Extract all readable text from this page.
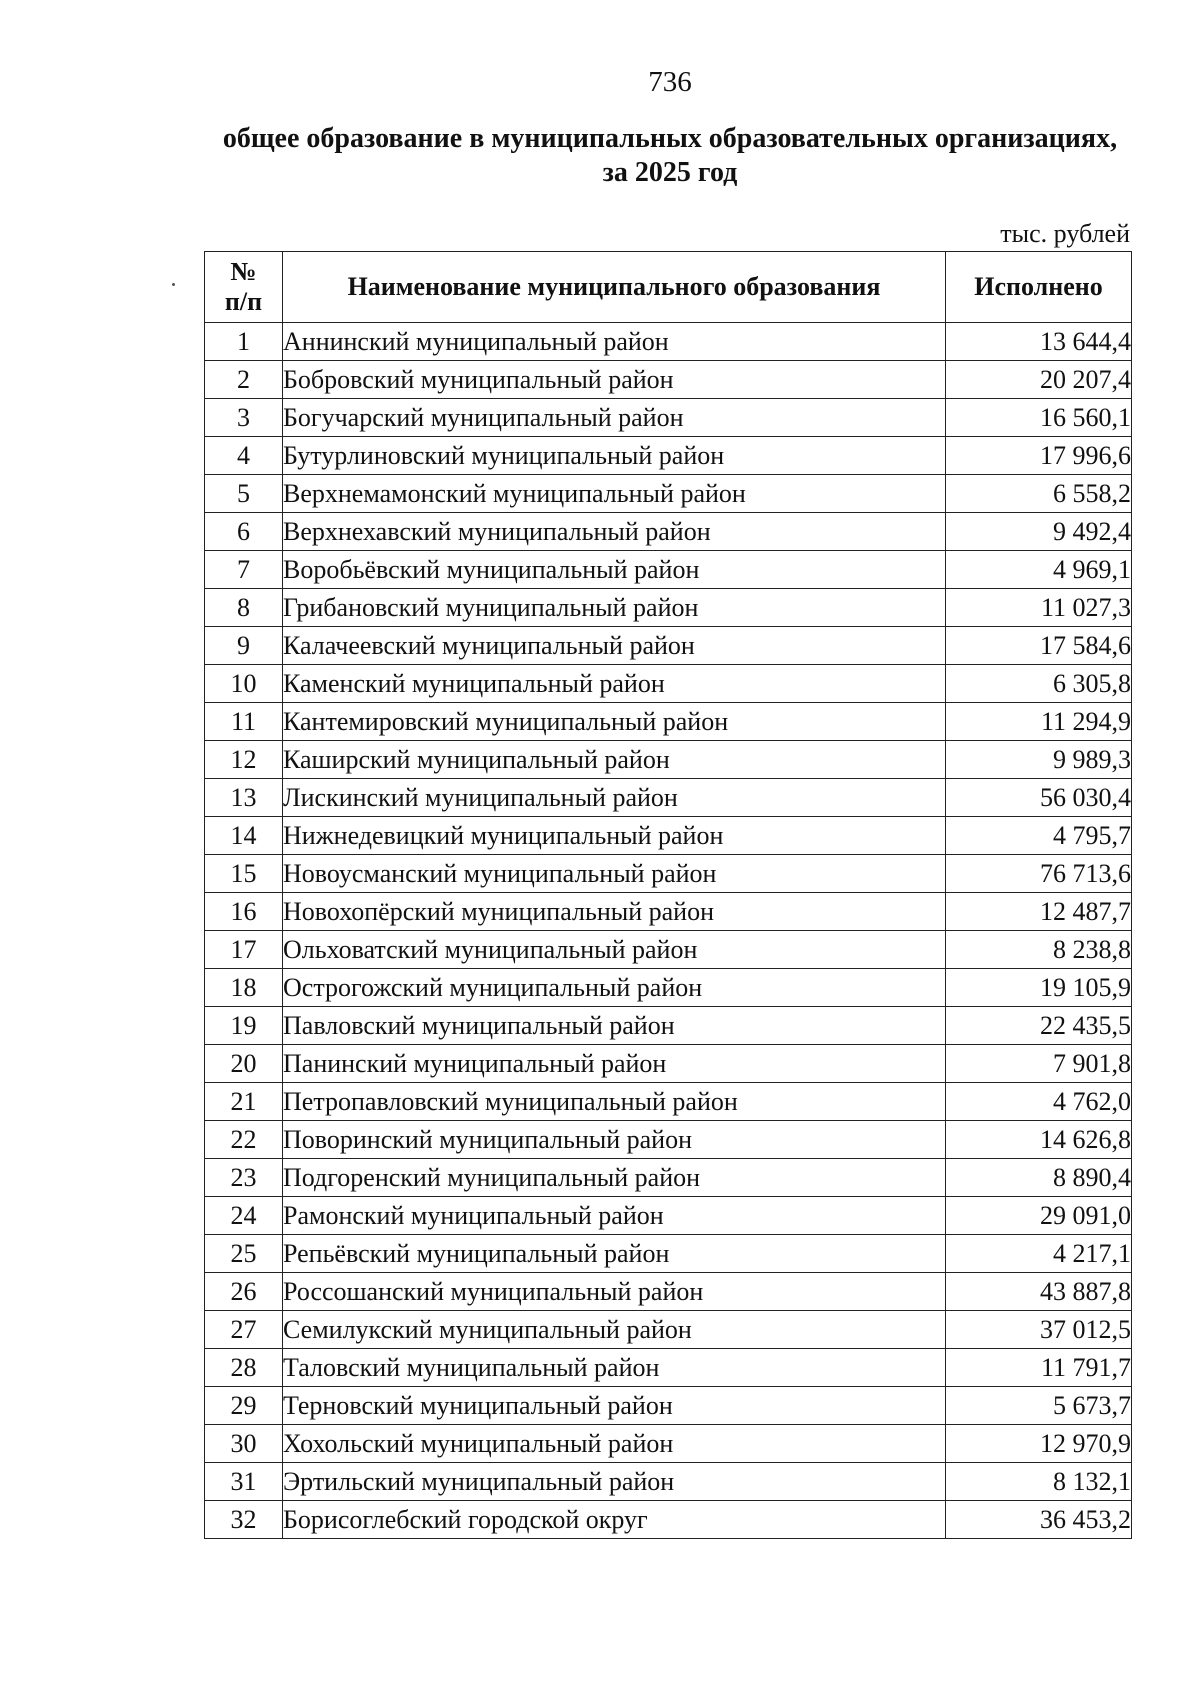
736
общее образование в муниципальных образовательных организациях,
за 2025 год
тыс. рублей
№
п/п	Наименование муниципального образования	Исполнено
1	Аннинский муниципальный район	13 644,4
2	Бобровский муниципальный район	20 207,4
3	Богучарский муниципальный район	16 560,1
4	Бутурлиновский муниципальный район	17 996,6
5	Верхнемамонский муниципальный район	6 558,2
6	Верхнехавский муниципальный район	9 492,4
7	Воробьёвский муниципальный район	4 969,1
8	Грибановский муниципальный район	11 027,3
9	Калачеевский муниципальный район	17 584,6
10	Каменский муниципальный район	6 305,8
11	Кантемировский муниципальный район	11 294,9
12	Каширский муниципальный район	9 989,3
13	Лискинский муниципальный район	56 030,4
14	Нижнедевицкий муниципальный район	4 795,7
15	Новоусманский муниципальный район	76 713,6
16	Новохопёрский муниципальный район	12 487,7
17	Ольховатский муниципальный район	8 238,8
18	Острогожский муниципальный район	19 105,9
19	Павловский муниципальный район	22 435,5
20	Панинский муниципальный район	7 901,8
21	Петропавловский муниципальный район	4 762,0
22	Поворинский муниципальный район	14 626,8
23	Подгоренский муниципальный район	8 890,4
24	Рамонский муниципальный район	29 091,0
25	Репьёвский муниципальный район	4 217,1
26	Россошанский муниципальный район	43 887,8
27	Семилукский муниципальный район	37 012,5
28	Таловский муниципальный район	11 791,7
29	Терновский муниципальный район	5 673,7
30	Хохольский муниципальный район	12 970,9
31	Эртильский муниципальный район	8 132,1
32	Борисоглебский городской округ	36 453,2
